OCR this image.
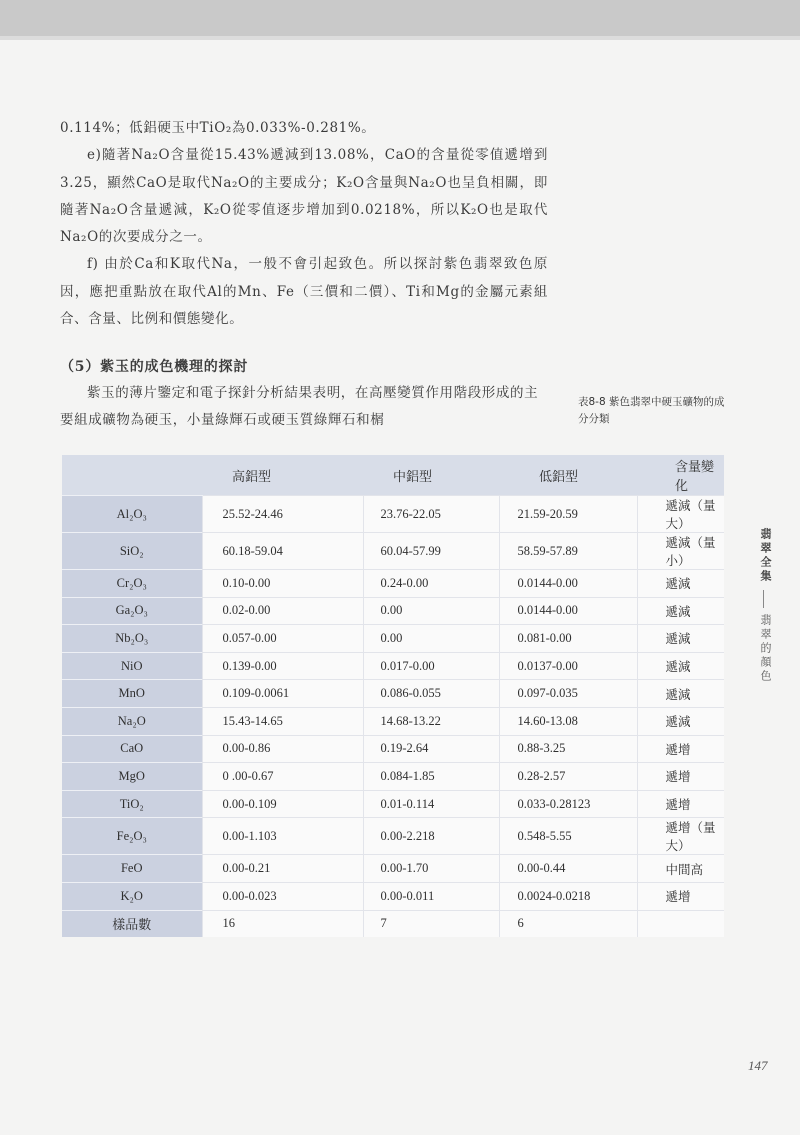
0.114%；低鋁硬玉中TiO₂為0.033%-0.281%。

e)隨著Na₂O含量從15.43%遞減到13.08%，CaO的含量從零值遞增到3.25，顯然CaO是取代Na₂O的主要成分；K₂O含量與Na₂O也呈負相關，即隨著Na₂O含量遞減，K₂O從零值逐步增加到0.0218%，所以K₂O也是取代Na₂O的次要成分之一。

f) 由於Ca和K取代Na，一般不會引起致色。所以探討紫色翡翠致色原因，應把重點放在取代Al的Mn、Fe（三價和二價）、Ti和Mg的金屬元素組合、含量、比例和價態變化。

（5）紫玉的成色機理的探討

紫玉的薄片鑒定和電子探針分析結果表明，在高壓變質作用階段形成的主要組成礦物為硬玉，小量綠輝石或硬玉質綠輝石和榍

表8-8 紫色翡翠中硬玉礦物的成
分分類
	高鋁型	中鋁型	低鋁型	含量變化
Al₂O₃	25.52-24.46	23.76-22.05	21.59-20.59	遞減（量大）
SiO₂	60.18-59.04	60.04-57.99	58.59-57.89	遞減（量小）
Cr₂O₃	0.10-0.00	0.24-0.00	0.0144-0.00	遞減
Ga₂O₃	0.02-0.00	0.00	0.0144-0.00	遞減
Nb₂O₃	0.057-0.00	0.00	0.081-0.00	遞減
NiO	0.139-0.00	0.017-0.00	0.0137-0.00	遞減
MnO	0.109-0.0061	0.086-0.055	0.097-0.035	遞減
Na₂O	15.43-14.65	14.68-13.22	14.60-13.08	遞減
CaO	0.00-0.86	0.19-2.64	0.88-3.25	遞增
MgO	0 .00-0.67	0.084-1.85	0.28-2.57	遞增
TiO₂	0.00-0.109	0.01-0.114	0.033-0.28123	遞增
Fe₂O₃	0.00-1.103	0.00-2.218	0.548-5.55	遞增（量大）
FeO	0.00-0.21	0.00-1.70	0.00-0.44	中間高
K₂O	0.00-0.023	0.00-0.011	0.0024-0.0218	遞增
樣品數	16	7	6	
翡翠全集
翡翠的顏色
147
